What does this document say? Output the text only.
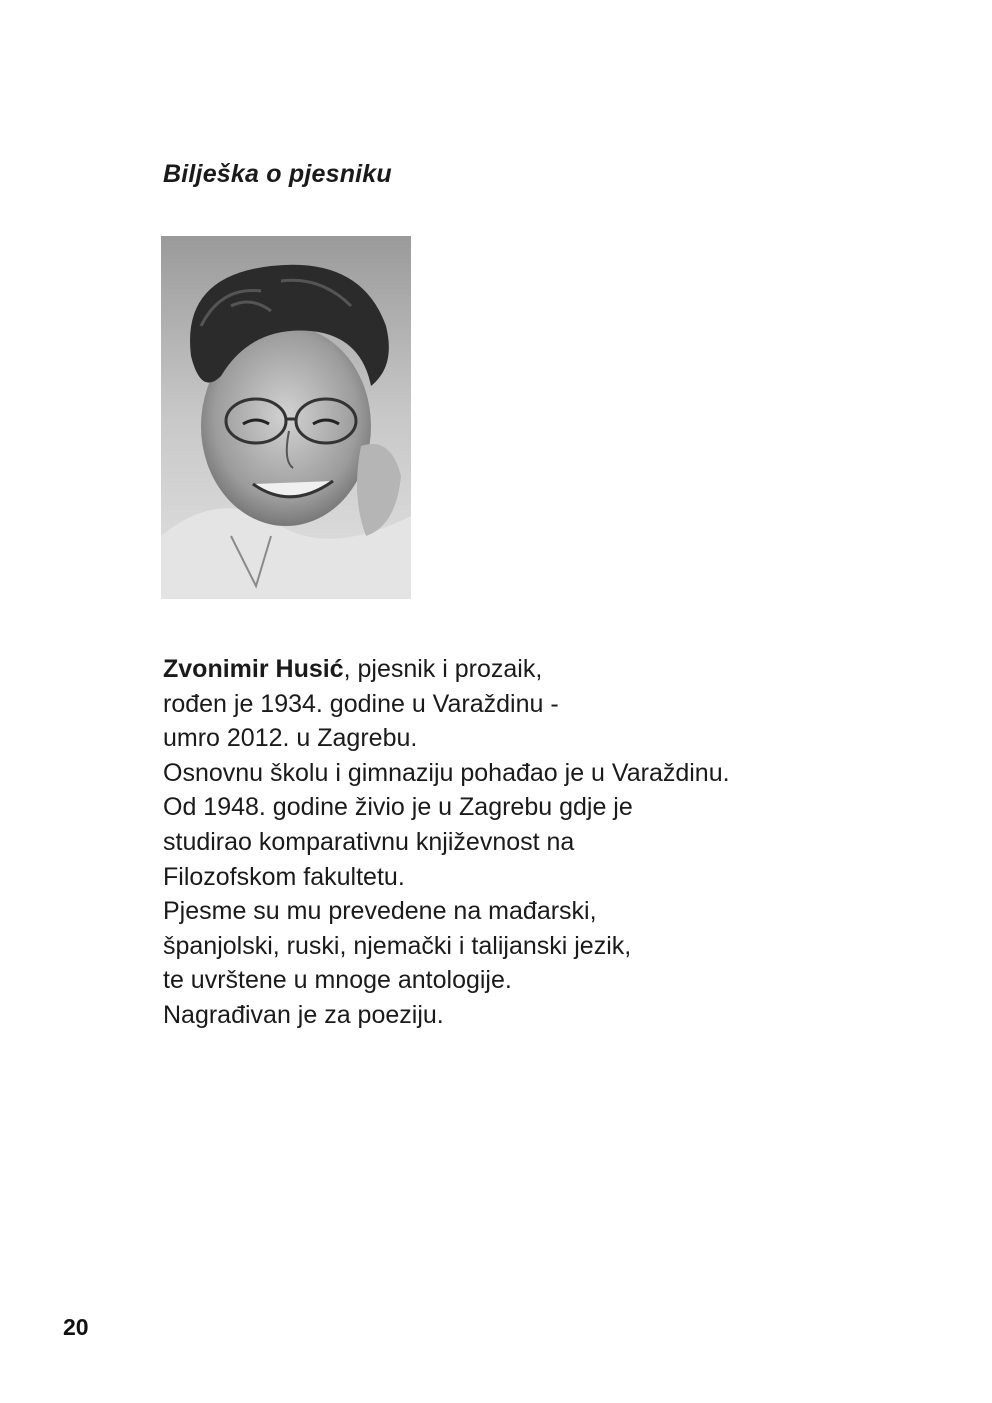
Bilješka o pjesniku
Zvonimir Husić, pjesnik i prozaik,
rođen je 1934. godine u Varaždinu -
umro 2012. u Zagrebu.
Osnovnu školu i gimnaziju pohađao je u Varaždinu.
Od 1948. godine živio je u Zagrebu gdje je
studirao komparativnu književnost na
Filozofskom fakultetu.
Pjesme su mu prevedene na mađarski,
španjolski, ruski, njemački i talijanski jezik,
te uvrštene u mnoge antologije.
Nagrađivan je za poeziju.
20
